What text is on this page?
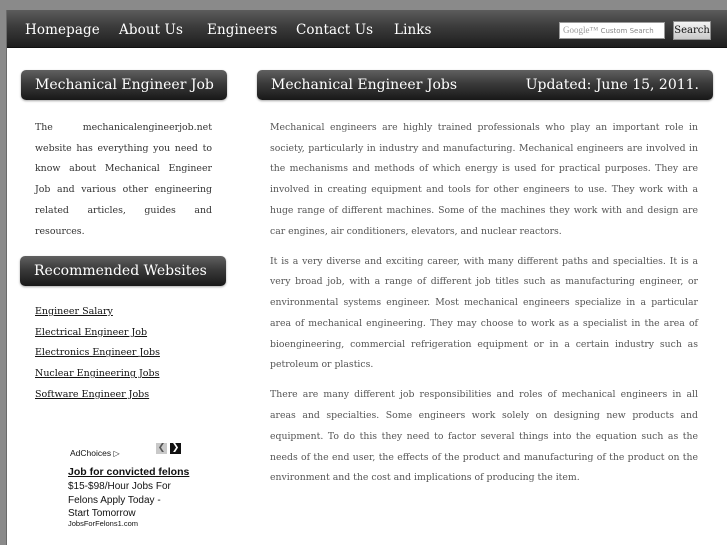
Homepage About Us Engineers Contact Us Links	Google™ Custom Search	Search
Mechanical Engineer Job	Mechanical Engineer Jobs	Updated: June 15, 2011.
The mechanicalengineerjob.net website has everything you need to know about Mechanical Engineer Job and various other engineering related articles, guides and resources.
Recommended Websites
Engineer Salary
Electrical Engineer Job
Electronics Engineer Jobs
Nuclear Engineering Jobs
Software Engineer Jobs
AdChoices ▷
❮ ❯
Job for convicted felons
$15-$98/Hour Jobs For Felons Apply Today - Start Tomorrow
JobsForFelons1.com

Mechanical engineers are highly trained professionals who play an important role in society, particularly in industry and manufacturing. Mechanical engineers are involved in the mechanisms and methods of which energy is used for practical purposes. They are involved in creating equipment and tools for other engineers to use. They work with a huge range of different machines. Some of the machines they work with and design are car engines, air conditioners, elevators, and nuclear reactors.

It is a very diverse and exciting career, with many different paths and specialties. It is a very broad job, with a range of different job titles such as manufacturing engineer, or environmental systems engineer. Most mechanical engineers specialize in a particular area of mechanical engineering. They may choose to work as a specialist in the area of bioengineering, commercial refrigeration equipment or in a certain industry such as petroleum or plastics.

There are many different job responsibilities and roles of mechanical engineers in all areas and specialties. Some engineers work solely on designing new products and equipment. To do this they need to factor several things into the equation such as the needs of the end user, the effects of the product and manufacturing of the product on the environment and the cost and implications of producing the item.
